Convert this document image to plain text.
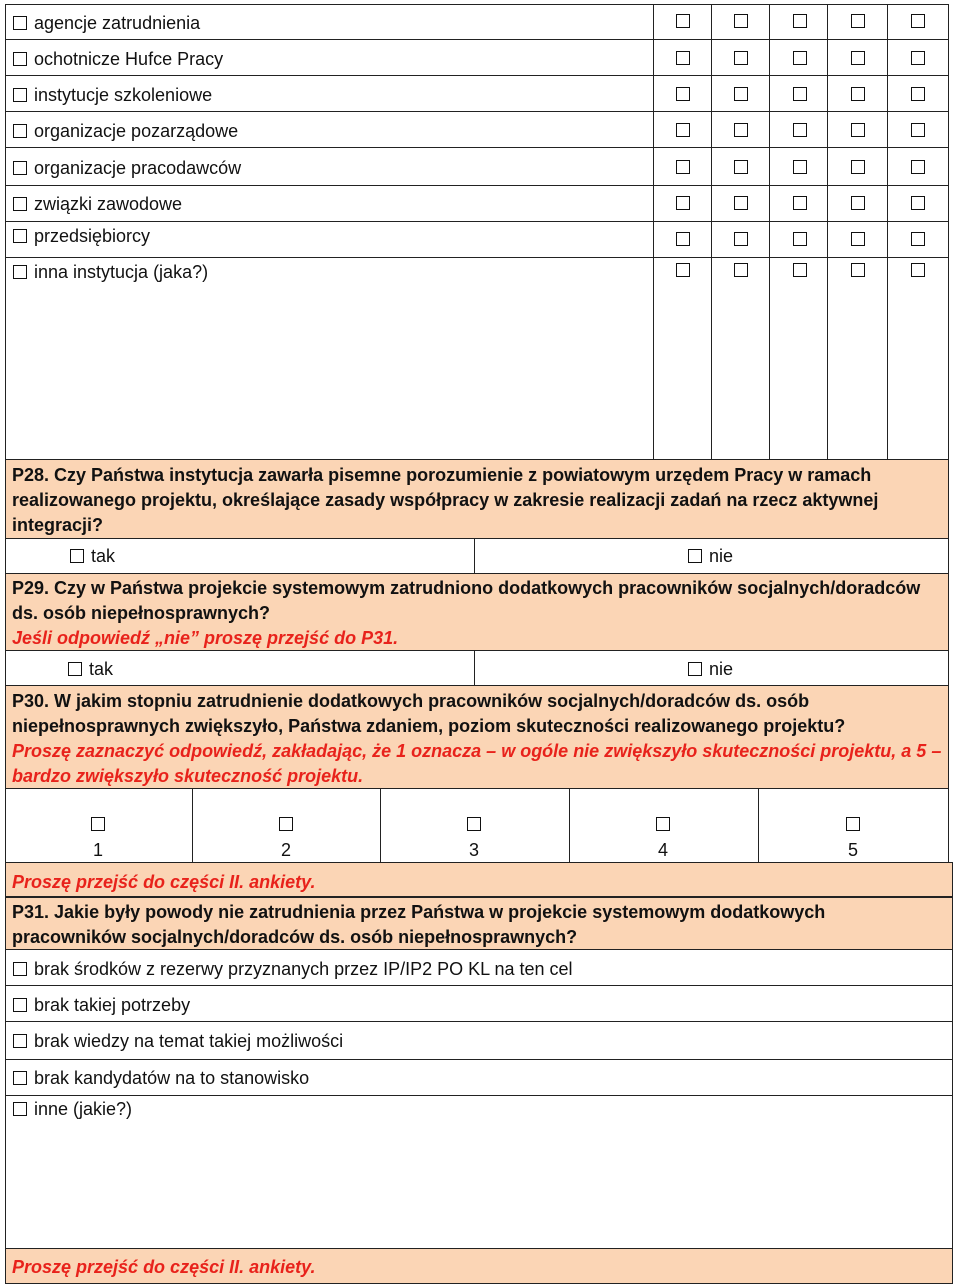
agencje zatrudnienia
ochotnicze Hufce Pracy
instytucje szkoleniowe
organizacje pozarządowe
organizacje pracodawców
związki zawodowe
przedsiębiorcy
inna instytucja (jaka?)
P28. Czy Państwa instytucja zawarła pisemne porozumienie z powiatowym urzędem Pracy w ramach
realizowanego projektu, określające zasady współpracy w zakresie realizacji zadań na rzecz aktywnej
integracji?
tak	nie
P29. Czy w Państwa projekcie systemowym zatrudniono dodatkowych pracowników socjalnych/doradców
ds. osób niepełnosprawnych?
Jeśli odpowiedź „nie” proszę przejść do P31.
tak	nie
P30. W jakim stopniu zatrudnienie dodatkowych pracowników socjalnych/doradców ds. osób
niepełnosprawnych zwiększyło, Państwa zdaniem, poziom skuteczności realizowanego projektu?
Proszę zaznaczyć odpowiedź, zakładając, że 1 oznacza – w ogóle nie zwiększyło skuteczności projektu, a 5 –
bardzo zwiększyło skuteczność projektu.
1	2	3	4	5
Proszę przejść do części II. ankiety.
P31. Jakie były powody nie zatrudnienia przez Państwa w projekcie systemowym dodatkowych
pracowników socjalnych/doradców ds. osób niepełnosprawnych?
brak środków z rezerwy przyznanych przez IP/IP2 PO KL na ten cel
brak takiej potrzeby
brak wiedzy na temat takiej możliwości
brak kandydatów na to stanowisko
inne (jakie?)
Proszę przejść do części II. ankiety.
